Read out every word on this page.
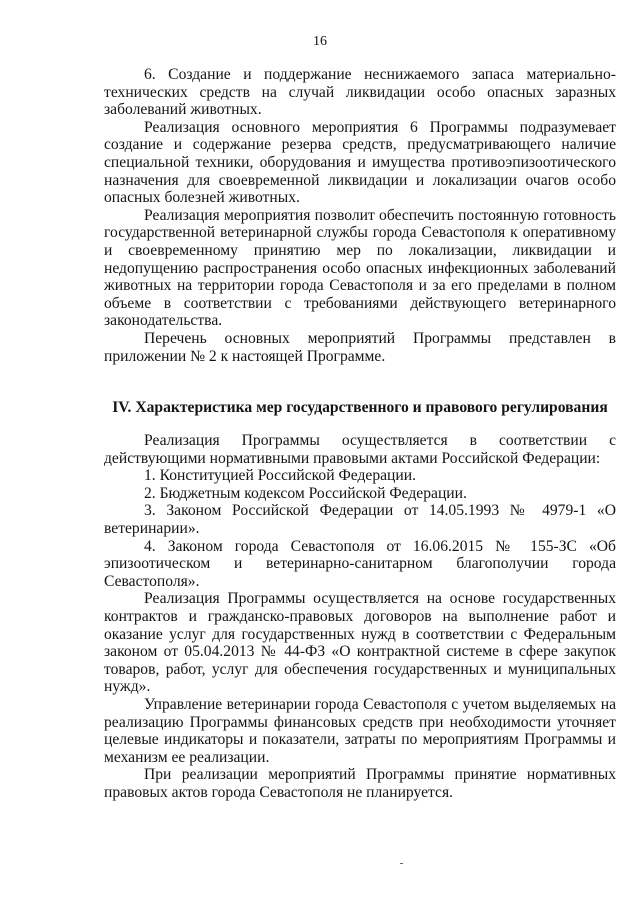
16

6. Создание и поддержание неснижаемого запаса материально-технических средств на случай ликвидации особо опасных заразных заболеваний животных.

Реализация основного мероприятия 6 Программы подразумевает создание и содержание резерва средств, предусматривающего наличие специальной техники, оборудования и имущества противоэпизоотического назначения для своевременной ликвидации и локализации очагов особо опасных болезней животных.

Реализация мероприятия позволит обеспечить постоянную готовность государственной ветеринарной службы города Севастополя к оперативному и своевременному принятию мер по локализации, ликвидации и недопущению распространения особо опасных инфекционных заболеваний животных на территории города Севастополя и за его пределами в полном объеме в соответствии с требованиями действующего ветеринарного законодательства.

Перечень основных мероприятий Программы представлен в приложении № 2 к настоящей Программе.

IV. Характеристика мер государственного и правового регулирования

Реализация Программы осуществляется в соответствии с действующими нормативными правовыми актами Российской Федерации:

1. Конституцией Российской Федерации.

2. Бюджетным кодексом Российской Федерации.

3. Законом Российской Федерации от 14.05.1993 № 4979-1 «О ветеринарии».

4. Законом города Севастополя от 16.06.2015 № 155-ЗС «Об эпизоотическом и ветеринарно-санитарном благополучии города Севастополя».

Реализация Программы осуществляется на основе государственных контрактов и гражданско-правовых договоров на выполнение работ и оказание услуг для государственных нужд в соответствии с Федеральным законом от 05.04.2013 № 44-ФЗ «О контрактной системе в сфере закупок товаров, работ, услуг для обеспечения государственных и муниципальных нужд».

Управление ветеринарии города Севастополя с учетом выделяемых на реализацию Программы финансовых средств при необходимости уточняет целевые индикаторы и показатели, затраты по мероприятиям Программы и механизм ее реализации.

При реализации мероприятий Программы принятие нормативных правовых актов города Севастополя не планируется.
